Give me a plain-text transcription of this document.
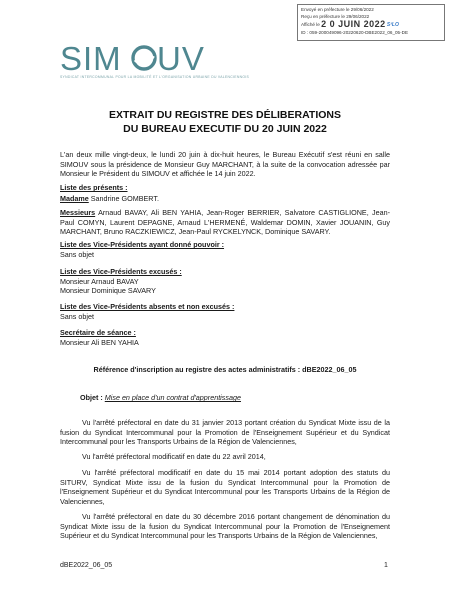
Envoyé en préfecture le 29/06/2022
Reçu en préfecture le 29/06/2022
Affiché le 2 0 JUIN 2022 S²LO
ID : 059-200049096-20220620-DBE2022_06_05-DE
SIM UV
SYNDICAT INTERCOMMUNAL POUR LA MOBILITÉ ET L'ORGANISATION URBAINE DU VALENCIENNOIS
EXTRAIT DU REGISTRE DES DÉLIBERATIONS
DU BUREAU EXECUTIF DU 20 JUIN 2022
L'an deux mille vingt-deux, le lundi 20 juin à dix-huit heures, le Bureau Exécutif s'est réuni en salle SIMOUV sous la présidence de Monsieur Guy MARCHANT, à la suite de la convocation adressée par Monsieur le Président du SIMOUV et affichée le 14 juin 2022.

Liste des présents :

Madame Sandrine GOMBERT.

Messieurs Arnaud BAVAY, Ali BEN YAHIA, Jean-Roger BERRIER, Salvatore CASTIGLIONE, Jean-Paul COMYN, Laurent DEPAGNE, Arnaud L'HERMENÉ, Waldemar DOMIN, Xavier JOUANIN, Guy MARCHANT, Bruno RACZKIEWICZ, Jean-Paul RYCKELYNCK, Dominique SAVARY.

Liste des Vice-Présidents ayant donné pouvoir :

Sans objet

Liste des Vice-Présidents excusés :

Monsieur Arnaud BAVAY

Monsieur Dominique SAVARY

Liste des Vice-Présidents absents et non excusés :

Sans objet

Secrétaire de séance :

Monsieur Ali BEN YAHIA

Référence d'inscription au registre des actes administratifs : dBE2022_06_05
Objet : Mise en place d'un contrat d'apprentissage
Vu l'arrêté préfectoral en date du 31 janvier 2013 portant création du Syndicat Mixte issu de la fusion du Syndicat Intercommunal pour la Promotion de l'Enseignement Supérieur et du Syndicat Intercommunal pour les Transports Urbains de la Région de Valenciennes,
Vu l'arrêté préfectoral modificatif en date du 22 avril 2014,
Vu l'arrêté préfectoral modificatif en date du 15 mai 2014 portant adoption des statuts du SITURV, Syndicat Mixte issu de la fusion du Syndicat Intercommunal pour la Promotion de l'Enseignement Supérieur et du Syndicat Intercommunal pour les Transports Urbains de la Région de Valenciennes,
Vu l'arrêté préfectoral en date du 30 décembre 2016 portant changement de dénomination du Syndicat Mixte issu de la fusion du Syndicat Intercommunal pour la Promotion de l'Enseignement Supérieur et du Syndicat Intercommunal pour les Transports Urbains de la Région de Valenciennes,
dBE2022_06_05	1
